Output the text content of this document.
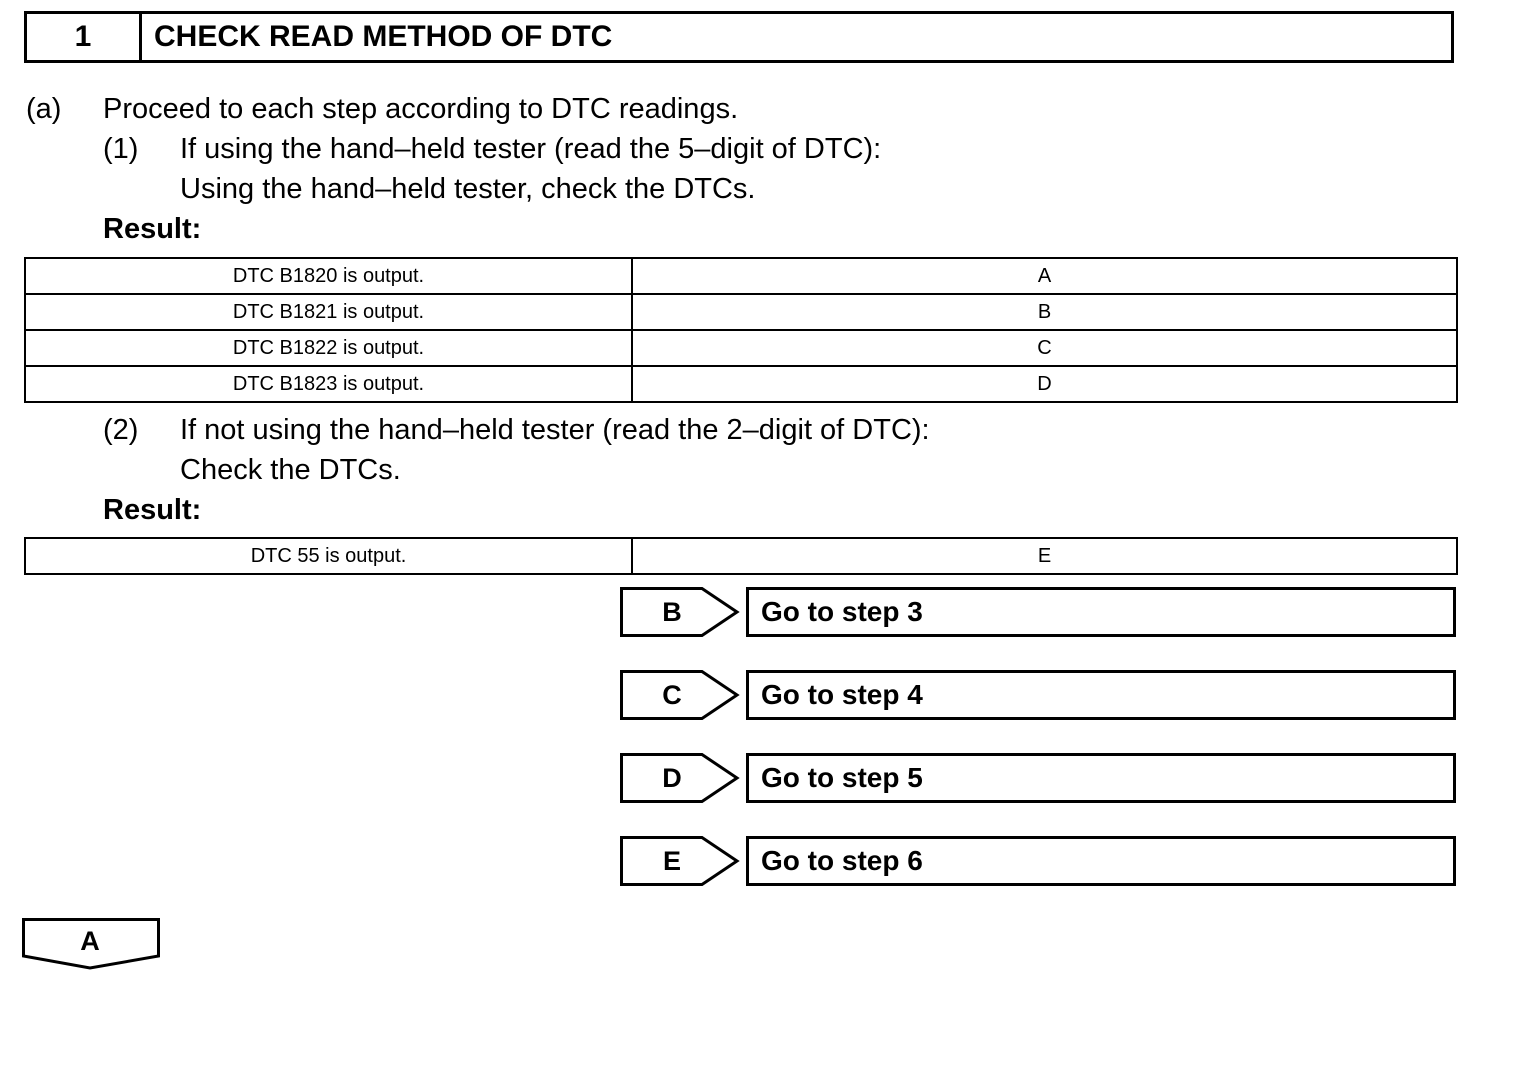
1	CHECK READ METHOD OF DTC
(a) Proceed to each step according to DTC readings.
(1) If using the hand–held tester (read the 5–digit of DTC):
Using the hand–held tester, check the DTCs.
Result:
DTC B1820 is output.	A
DTC B1821 is output.	B
DTC B1822 is output.	C
DTC B1823 is output.	D
(2) If not using the hand–held tester (read the 2–digit of DTC):
Check the DTCs.
Result:
DTC 55 is output.	E
B	Go to step 3
C	Go to step 4
D	Go to step 5
E	Go to step 6
A
